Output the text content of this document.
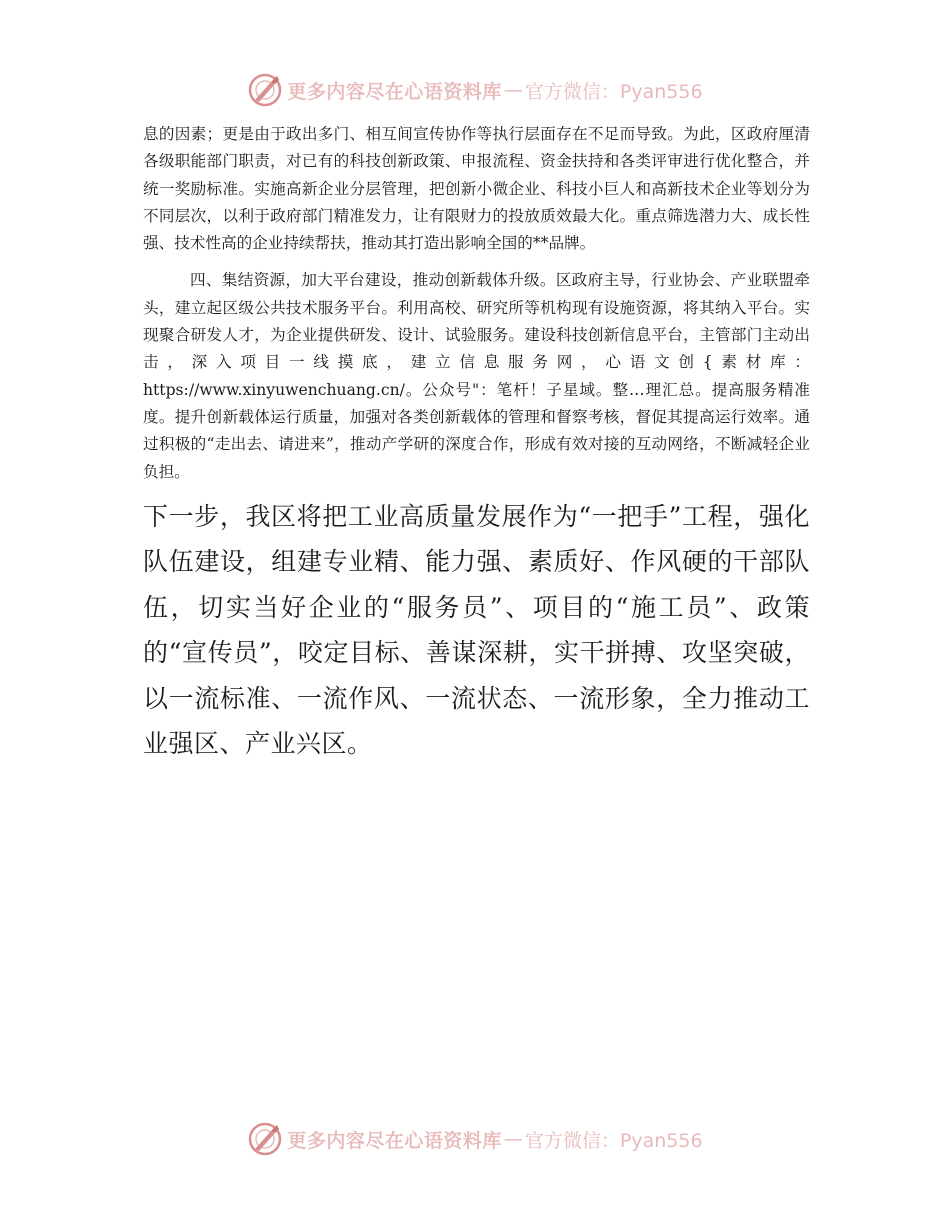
更多内容尽在心语资料库 — 官方微信：Pyan556

息的因素；更是由于政出多门、相互间宣传协作等执行层面存在不足而导致。为此，区政府厘清各级职能部门职责，对已有的科技创新政策、申报流程、资金扶持和各类评审进行优化整合，并统一奖励标准。实施高新企业分层管理，把创新小微企业、科技小巨人和高新技术企业等划分为不同层次，以利于政府部门精准发力，让有限财力的投放质效最大化。重点筛选潜力大、成长性强、技术性高的企业持续帮扶，推动其打造出影响全国的**品牌。

四、集结资源，加大平台建设，推动创新载体升级。区政府主导，行业协会、产业联盟牵头，建立起区级公共技术服务平台。利用高校、研究所等机构现有设施资源，将其纳入平台。实现聚合研发人才，为企业提供研发、设计、试验服务。建设科技创新信息平台，主管部门主动出击，深入项目一线摸底，建立信息服务网，心语文创{素材库：https://www.xinyuwenchuang.cn/。公众号"：笔杆！子星域。整…理汇总。提高服务精准度。提升创新载体运行质量，加强对各类创新载体的管理和督察考核，督促其提高运行效率。通过积极的“走出去、请进来”，推动产学研的深度合作，形成有效对接的互动网络，不断减轻企业负担。

下一步，我区将把工业高质量发展作为“一把手”工程，强化队伍建设，组建专业精、能力强、素质好、作风硬的干部队伍，切实当好企业的“服务员”、项目的“施工员”、政策的“宣传员”，咬定目标、善谋深耕，实干拼搏、攻坚突破，以一流标准、一流作风、一流状态、一流形象，全力推动工业强区、产业兴区。

更多内容尽在心语资料库 — 官方微信：Pyan556
